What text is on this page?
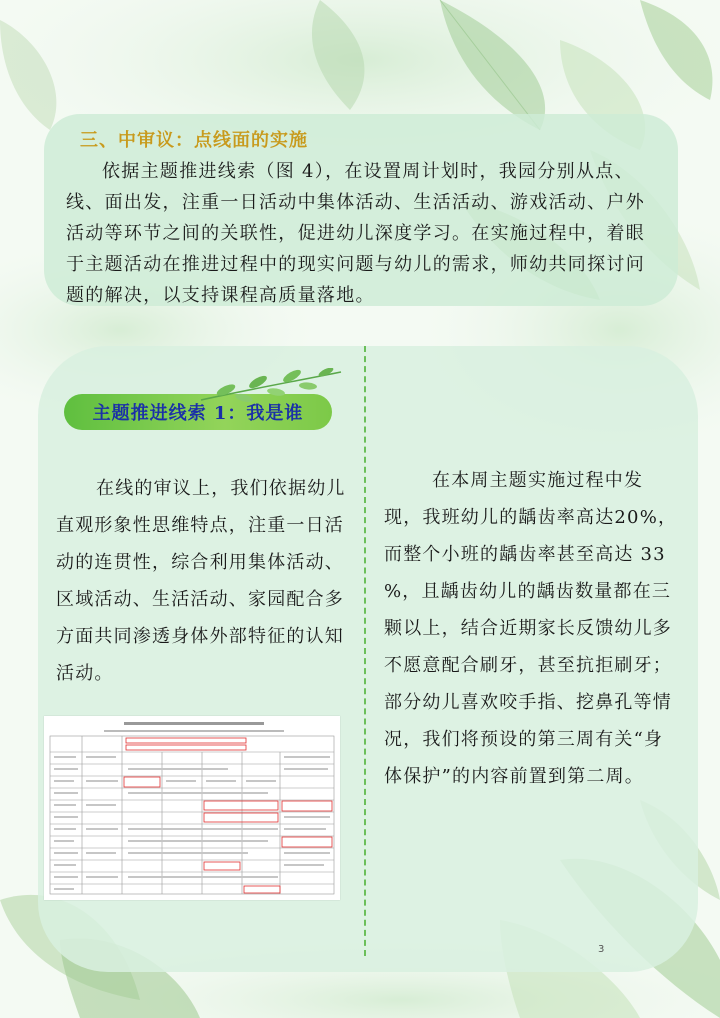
三、中审议：点线面的实施

依据主题推进线索（图 4），在设置周计划时，我园分别从点、线、面出发，注重一日活动中集体活动、生活活动、游戏活动、户外活动等环节之间的关联性，促进幼儿深度学习。在实施过程中，着眼于主题活动在推进过程中的现实问题与幼儿的需求，师幼共同探讨问题的解决，以支持课程高质量落地。

主题推进线索 1：我是谁

在线的审议上，我们依据幼儿直观形象性思维特点，注重一日活动的连贯性，综合利用集体活动、区域活动、生活活动、家园配合多方面共同渗透身体外部特征的认知活动。

在本周主题实施过程中发现，我班幼儿的龋齿率高达20%，而整个小班的龋齿率甚至高达 33 %，且龋齿幼儿的龋齿数量都在三颗以上，结合近期家长反馈幼儿多不愿意配合刷牙，甚至抗拒刷牙；部分幼儿喜欢咬手指、挖鼻孔等情况，我们将预设的第三周有关“身体保护”的内容前置到第二周。

3
